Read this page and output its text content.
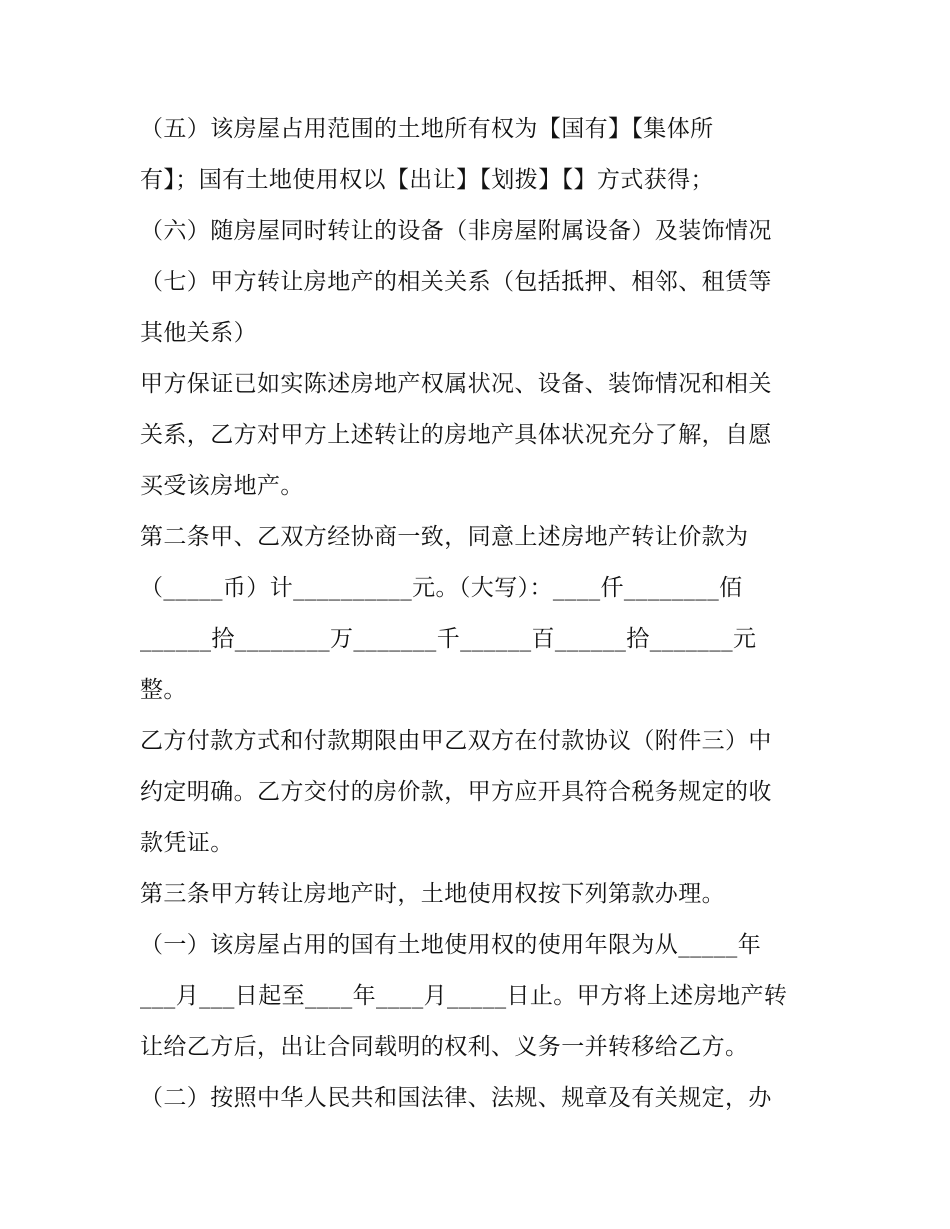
（五）该房屋占用范围的土地所有权为【国有】【集体所
有】；国有土地使用权以【出让】【划拨】【】方式获得；
（六）随房屋同时转让的设备（非房屋附属设备）及装饰情况
（七）甲方转让房地产的相关关系（包括抵押、相邻、租赁等
其他关系）
甲方保证已如实陈述房地产权属状况、设备、装饰情况和相关
关系，乙方对甲方上述转让的房地产具体状况充分了解，自愿
买受该房地产。
第二条甲、乙双方经协商一致，同意上述房地产转让价款为
（_____币）计__________元。（大写）：____仟________佰
______拾________万_______千______百______拾_______元
整。
乙方付款方式和付款期限由甲乙双方在付款协议（附件三）中
约定明确。乙方交付的房价款，甲方应开具符合税务规定的收
款凭证。
第三条甲方转让房地产时，土地使用权按下列第款办理。
（一）该房屋占用的国有土地使用权的使用年限为从_____年
___月___日起至____年____月_____日止。甲方将上述房地产转
让给乙方后，出让合同载明的权利、义务一并转移给乙方。
（二）按照中华人民共和国法律、法规、规章及有关规定，办
